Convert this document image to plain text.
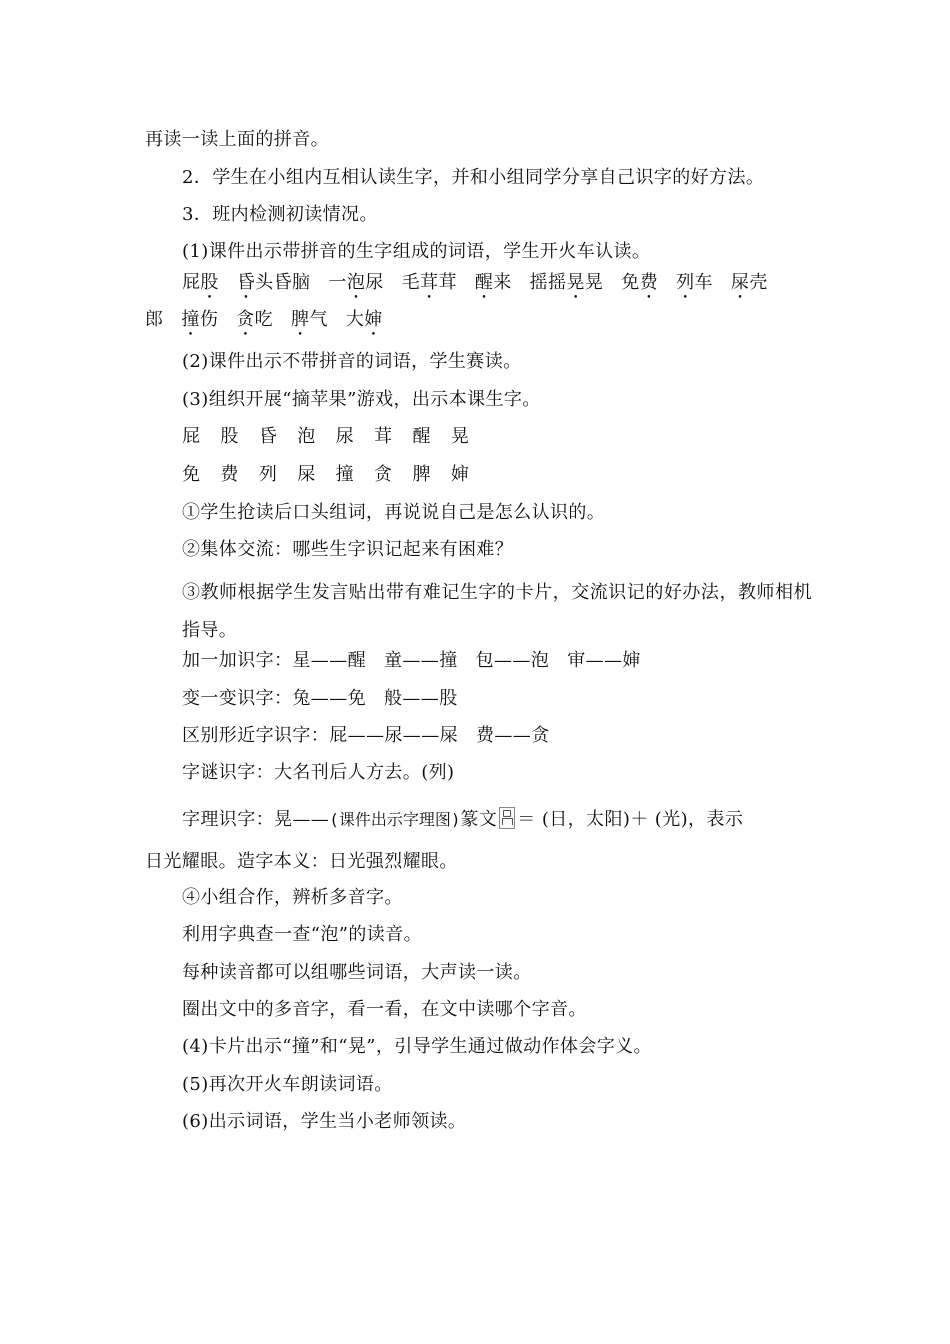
再读一读上面的拼音。
2．学生在小组内互相认读生字，并和小组同学分享自己识字的好方法。
3．班内检测初读情况。
(1)课件出示带拼音的生字组成的词语，学生开火车认读。
屁股 昏头昏脑 一泡尿 毛茸茸 醒来 摇摇晃晃 免费 列车 屎壳
郎 撞伤 贪吃 脾气 大婶
(2)课件出示不带拼音的词语，学生赛读。
(3)组织开展“摘苹果”游戏，出示本课生字。
屁 股 昏 泡 尿 茸 醒 晃
免 费 列 屎 撞 贪 脾 婶
①学生抢读后口头组词，再说说自己是怎么认识的。
②集体交流：哪些生字识记起来有困难？
③教师根据学生发言贴出带有难记生字的卡片，交流识记的好办法，教师相机指导。
加一加识字：星——醒 童——撞 包——泡 审——婶
变一变识字：兔——免 般——股
区别形近字识字：屁——尿——屎 费——贪
字谜识字：大名刊后人方去。(列)
字理识字：晃——(课件出示字理图)篆文 ＝ (日，太阳)＋ (光)，表示
日光耀眼。造字本义：日光强烈耀眼。
④小组合作，辨析多音字。
利用字典查一查“泡”的读音。
每种读音都可以组哪些词语，大声读一读。
圈出文中的多音字，看一看，在文中读哪个字音。
(4)卡片出示“撞”和“晃”，引导学生通过做动作体会字义。
(5)再次开火车朗读词语。
(6)出示词语，学生当小老师领读。
